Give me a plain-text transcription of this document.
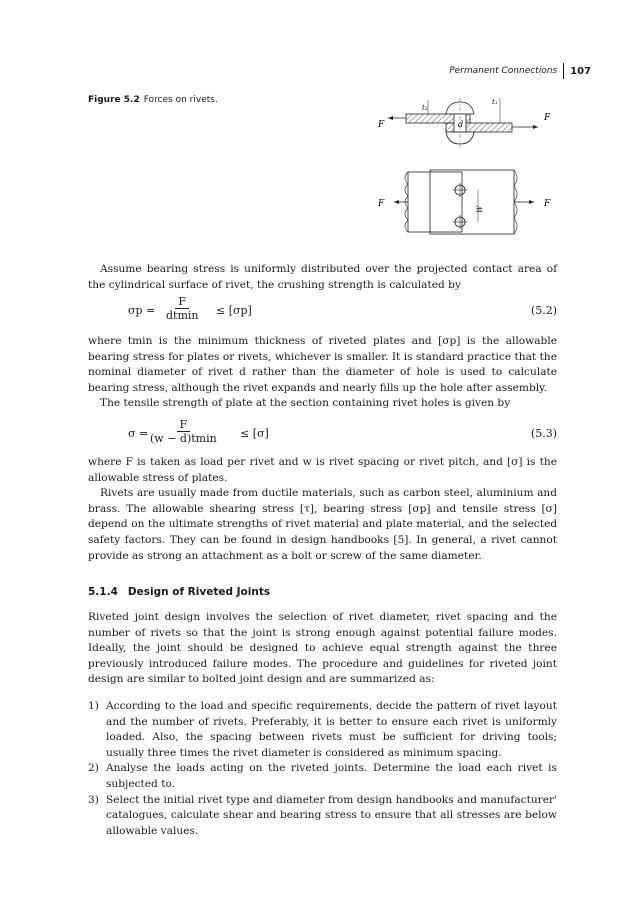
Permanent Connections 107
Figure 5.2 Forces on rivets.
d
F
F
t₂
t₁
W
F	F

Assume bearing stress is uniformly distributed over the projected contact area of the cylindrical surface of rivet, the crushing strength is calculated by

σp =
F
dtmin ≤ [σp]	(5.2)

where tmin is the minimum thickness of riveted plates and [σp] is the allowable bearing stress for plates or rivets, whichever is smaller. It is standard practice that the nominal diameter of rivet d rather than the diameter of hole is used to calculate bearing stress, although the rivet expands and nearly fills up the hole after assembly.

The tensile strength of plate at the section containing rivet holes is given by

σ =
F
(w − d)tmin ≤ [σ]	(5.3)

where F is taken as load per rivet and w is rivet spacing or rivet pitch, and [σ] is the allowable stress of plates.

Rivets are usually made from ductile materials, such as carbon steel, aluminium and brass. The allowable shearing stress [τ], bearing stress [σp] and tensile stress [σ] depend on the ultimate strengths of rivet material and plate material, and the selected safety factors. They can be found in design handbooks [5]. In general, a rivet cannot provide as strong an attachment as a bolt or screw of the same diameter.

5.1.4 Design of Riveted Joints

Riveted joint design involves the selection of rivet diameter, rivet spacing and the number of rivets so that the joint is strong enough against potential failure modes. Ideally, the joint should be designed to achieve equal strength against the three previously introduced failure modes. The procedure and guidelines for riveted joint design are similar to bolted joint design and are summarized as:

1) According to the load and specific requirements, decide the pattern of rivet layout and the number of rivets. Preferably, it is better to ensure each rivet is uniformly loaded. Also, the spacing between rivets must be sufficient for driving tools; usually three times the rivet diameter is considered as minimum spacing.
2) Analyse the loads acting on the riveted joints. Determine the load each rivet is subjected to.
3) Select the initial rivet type and diameter from design handbooks and manufacturer' catalogues, calculate shear and bearing stress to ensure that all stresses are below allowable values.
